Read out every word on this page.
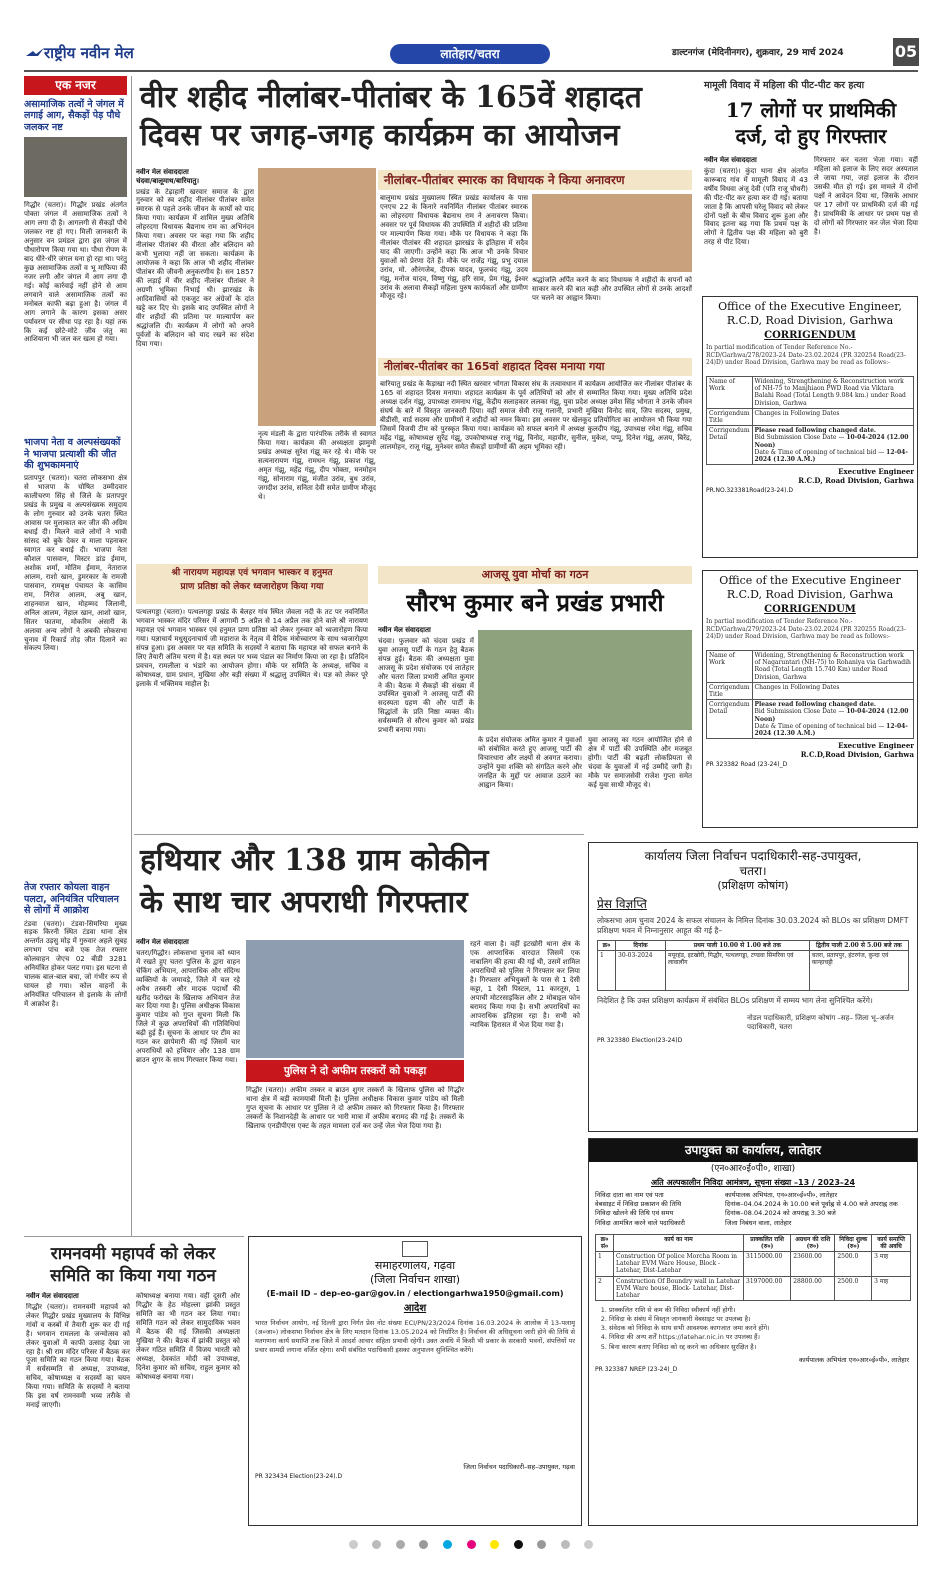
राष्ट्रीय नवीन मेल	लातेहार/चतरा	डाल्टनगंज (मेदिनीनगर), शुक्रवार, 29 मार्च 2024	05
एक नजर
असामाजिक तत्वों ने जंगल में लगाई आग, सैकड़ों पेड़ पौधे जलकर नष्ट
गिद्धौर (चतरा)। गिद्धौर प्रखंड अंतर्गत पोक्ता जंगल में असामाजिक तत्वों ने आग लगा दी है। आगलगी से सैकड़ों पौधे जलकर नष्ट हो गए। मिली जानकारी के अनुसार वन प्रमंडल द्वारा इस जंगल में पौधारोपण किया गया था। पौधा रोपण के बाद धीरे-धीरे जंगल घना हो रहा था। परंतु कुछ असामाजिक तत्वों व भू माफिया की नजर लगी और जंगल में आग लगा दी गई। कोई कार्रवाई नहीं होने से आम लगवाने वाले असामाजिक तत्वों का मनोबल काफी बढ़ा हुआ है। जंगल में आग लगाने के कारण इसका असर पर्यावरण पर सीधा पड़ रहा है। यहां तक कि कई छोटे-मोटे जीव जंतु का आशियाना भी जल कर खत्म हो गया।
भाजपा नेता व अल्पसंख्यकों ने भाजपा प्रत्याशी की जीत की शुभकामनाएं
प्रतापपुर (चतरा)। चतरा लोकसभा क्षेत्र से भाजपा के घोषित उम्मीदवार कालीचरण सिंह से जिले के प्रतापपुर प्रखंड के प्रमुख व अल्पसंख्यक समुदाय के लोग गुरुवार को उनके चतरा स्थित आवास पर मुलाकात कर जीत की अग्रिम बधाई दी। मिलने वाले लोगों ने भावी सांसद को बुके देकर व माला पहनाकर स्वागत कर बधाई दी। भाजपा नेता कौशल पासवान, मिस्टर डांड ईमाम, अशोक शर्मा, मोतिम ईमाम, नेताराज आलम, राशो खान, डुमरकार के रामजी पासवान, रामबृक्ष पंचायत के कासिम राम, निरोज आलम, अबु खान, शाहनवाज खान, मोहम्मद जिलानी, अनिल आलम, नेहाल खान, आशो खान, सितर फातमा, मोकरिम अंसारी के अलावा अन्य लोगों ने अबकी लोकसभा चुनाव में रिकार्ड तोड़ जीत दिलाने का संकल्प लिया।
तेज रफ्तार कोयला वाहन पलटा, अनियंत्रित परिचालन से लोगों में आक्रोश
टंडवा (चतरा)। टंडवा-सिमरिया मुख्य सड़क किरनी स्थित टंडवा थाना क्षेत्र अन्तर्गत उड़सु मोड़ में गुरुवार अहले सुबह लगभग पांच बजे एक तेज रफ्तार कोलवाहन जेएच 02 बीडी 3281 अनियंत्रित होकर पलट गया। इस घटना से चालक बाल-बाल बचा, जो गंभीर रूप से घायल हो गया। कोल वाहनों के अनियंत्रित परिचालन से इलाके के लोगों में आक्रोश है।
वीर शहीद नीलांबर-पीतांबर के 165वें शहादत
दिवस पर जगह-जगह कार्यक्रम का आयोजन
नवीन मेल संवाददाता
चंदवा/बालूमाथ/बारियातु।
प्रखंड के टेढ़ाहारी खरवार समाज के द्वारा गुरुवार को स्व शहीद नीलांबर पीतांबर समेत स्मारक से पहले उनके जीवन के कार्यों को याद किया गया। कार्यक्रम में शामिल मुख्य अतिथि लोहरदगा विधायक बैद्यनाथ राम का अभिनंदन किया गया। अवसर पर कहा गया कि शहीद नीलांबर पीतांबर की वीरता और बलिदान को कभी भुलाया नहीं जा सकता। कार्यक्रम के आयोजक ने कहा कि आज भी शहीद नीलांबर पीतांबर की जीवनी अनुकरणीय है। सन 1857 की लड़ाई में वीर शहीद नीलांबर पीतांबर ने अग्रणी भूमिका निभाई थी। झारखंड के आदिवासियों को एकजुट कर अंग्रेजों के दांत खट्टे कर दिए थे। इसके बाद उपस्थित लोगों ने वीर शहीदों की प्रतिमा पर माल्यार्पण कर श्रद्धांजलि दी। कार्यक्रम में लोगों को अपने पूर्वजों के बलिदान को याद रखने का संदेश दिया गया।
नृत्य मंडली के द्वारा पारंपरिक तरीके से स्वागत किया गया। कार्यक्रम की अध्यक्षता झामुमो प्रखंड अध्यक्ष सुरेश गंझू कर रहे थे। मौके पर सत्यनारायण गंझू, रामधन गंझू, प्रकाश गंझू, अमृत गंझू, महेंद्र गंझू, दीप भोक्ता, मनमोहन गंझू, सोनाराम गंझू, मंजीत उरांव, बुध उरांव, जगदीश उरांव, सनिता देवी समेत ग्रामीण मौजूद थे।
नीलांबर-पीतांबर स्मारक का विधायक ने किया अनावरण
बालूमाथ प्रखंड मुख्यालय स्थित प्रखंड कार्यालय के पास एनएच 22 के किनारे नवनिर्मित नीलांबर पीतांबर स्मारक का लोहरदगा विधायक बैद्यनाथ राम ने अनावरण किया। अवसर पर पूर्व विधायक की उपस्थिति में शहीदों की प्रतिमा पर माल्यार्पण किया गया। मौके पर विधायक ने कहा कि नीलांबर पीतांबर की शहादत झारखंड के इतिहास में सदैव याद की जाएगी। उन्होंने कहा कि आज भी उनके विचार युवाओं को प्रेरणा देते हैं। मौके पर राजेंद्र गंझू, प्रभु दयाल उरांव, मो. औरंगजेब, दीपक यादव, फूलचंद गंझू, उदय गंझू, मनोज यादव, विष्णु गंझू, हरि साव, प्रेम गंझू, ईश्वर उरांव के अलावा सैकड़ों महिला पुरुष कार्यकर्ता और ग्रामीण मौजूद रहे।
श्रद्धांजलि अर्पित करने के बाद विधायक ने शहीदों के सपनों को साकार करने की बात कही और उपस्थित लोगों से उनके आदर्शों पर चलने का आह्वान किया।
नीलांबर-पीतांबर का 165वां शहादत दिवस मनाया गया
बारियातु प्रखंड के कैड़ाखा नदी स्थित खरवार भोगता विकास संघ के तत्वावधान में कार्यक्रम आयोजित कर नीलांबर पीतांबर के 165 वां शहादत दिवस मनाया। शहादत कार्यक्रम के पूर्व अतिथियों को ओर से सम्मानित किया गया। मुख्य अतिथि प्रदेश अध्यक्ष दर्शन गंझू, उपाध्यक्ष रामनाथ गंझू, केंद्रीय सलाहकार ललका गंझू, युवा प्रदेश अध्यक्ष उमेश सिंह भोगता ने उनके जीवन संघर्ष के बारे में विस्तृत जानकारी दिया। वहीं समाज सेवी राजू गलानी, प्रभारी मुखिया विनोद साव, जिप सदस्य, प्रमुख, बीडीसी, वार्ड सदस्य और ग्रामीणों ने शहीदों को नमन किया। इस अवसर पर खेलकूद प्रतियोगिता का आयोजन भी किया गया जिसमें विजयी टीम को पुरस्कृत किया गया। कार्यक्रम को सफल बनाने में अध्यक्ष कुलदीप गंझू, उपाध्यक्ष रमेश गंझू, सचिव महेंद्र गंझू, कोषाध्यक्ष सुरेंद्र गंझू, उपकोषाध्यक्ष राजू गंझू, विनोद, महावीर, सुनील, मुकेश, पप्पू, दिनेश गंझू, अजय, बिरेंद्र, लालमोहन, राजू गंझू, मुनेश्वर समेत सैकड़ों ग्रामीणों की अहम भूमिका रही।
श्री नारायण महायज्ञ एवं भगवान भास्कर व हनुमत
प्राण प्रतिष्ठा को लेकर ध्वजारोहण किया गया
पत्थलगड्डा (चतरा)। पत्थलगड्डा प्रखंड के बेलहर गांव स्थित जेवला नदी के तट पर नवनिर्मित भगवान भास्कर मंदिर परिसर में आगामी 5 अप्रैल से 14 अप्रैल तक होने वाले श्री नारायण महायज्ञ एवं भगवान भास्कर एवं हनुमत प्राण प्रतिष्ठा को लेकर गुरुवार को ध्वजारोहण किया गया। यज्ञाचार्य मधुसूदनाचार्य जी महाराज के नेतृत्व में वैदिक मंत्रोच्चारण के साथ ध्वजारोहण संपन्न हुआ। इस अवसर पर यज्ञ समिति के सदस्यों ने बताया कि महायज्ञ को सफल बनाने के लिए तैयारी अंतिम चरण में है। यज्ञ स्थल पर भव्य पंडाल का निर्माण किया जा रहा है। प्रतिदिन प्रवचन, रामलीला व भंडारे का आयोजन होगा। मौके पर समिति के अध्यक्ष, सचिव व कोषाध्यक्ष, ग्राम प्रधान, मुखिया और बड़ी संख्या में श्रद्धालु उपस्थित थे। यज्ञ को लेकर पूरे इलाके में भक्तिमय माहौल है।
आजसू युवा मोर्चा का गठन
सौरभ कुमार बने प्रखंड प्रभारी
नवीन मेल संवाददाता
चंदवा। फुलवार को चंदवा प्रखंड में युवा आजसू पार्टी के गठन हेतु बैठक संपन्न हुई। बैठक की अध्यक्षता युवा आजसू के प्रदेश संयोजक एवं लातेहार और चतरा जिला प्रभारी अमित कुमार ने की। बैठक में सैकड़ों की संख्या में उपस्थित युवाओं ने आजसू पार्टी की सदस्यता ग्रहण की और पार्टी के सिद्धांतों के प्रति निष्ठा व्यक्त की। सर्वसम्मति से सौरभ कुमार को प्रखंड प्रभारी बनाया गया।
के प्रदेश संयोजक अमित कुमार ने युवाओं को संबोधित करते हुए आजसू पार्टी की विचारधारा और लक्ष्यों से अवगत कराया। उन्होंने युवा शक्ति को संगठित करने और जनहित के मुद्दों पर आवाज उठाने का आह्वान किया।
युवा आजसू का गठन आयोजित होने से क्षेत्र में पार्टी की उपस्थिति और मजबूत होगी। पार्टी की बढ़ती लोकप्रियता से चंदवा के युवाओं में नई उम्मीदें जगी हैं। मौके पर समाजसेवी राजेश गुप्ता समेत कई युवा साथी मौजूद थे।
मामूली विवाद में महिला की पीट-पीट कर हत्या
17 लोगों पर प्राथमिकी
दर्ज, दो हुए गिरफ्तार
नवीन मेल संवाददाता
कुंदा (चतरा)। कुंदा थाना क्षेत्र अंतर्गत कारूबाद गांव में मामूली विवाद में 43 वर्षीय विधवा अंजू देवी (पति राजू चौधरी) की पीट-पीट कर हत्या कर दी गई। बताया जाता है कि आपसी घरेलू विवाद को लेकर दोनों पक्षों के बीच विवाद शुरू हुआ और विवाद इतना बढ़ गया कि प्रथम पक्ष के लोगों ने द्वितीय पक्ष की महिला को बुरी तरह से पीट दिया।
गिरफ्तार कर चतरा भेजा गया। वहीं महिला को इलाज के लिए सदर अस्पताल ले जाया गया, जहां इलाज के दौरान उसकी मौत हो गई। इस मामले में दोनों पक्षों ने आवेदन दिया था, जिसके आधार पर 17 लोगों पर प्राथमिकी दर्ज की गई है। प्राथमिकी के आधार पर प्रथम पक्ष से दो लोगों को गिरफ्तार कर जेल भेजा दिया है।
Office of the Executive Engineer,
R.C.D, Road Division, Garhwa
CORRIGENDUM
In partial modification of Tender Reference No.- RCD/Garhwa/278/2023-24 Date-23.02.2024 (PR 320254 Road(23-24)D) under Road Division, Garhwa may be read as follows:-
Name of Work	Widening, Strengthening & Reconstruction work of NH-75 to Manjhiaon PWD Road via Viktara Balahi Road (Total Length 9.084 km.) under Road Division, Garhwa
Corrigendum Title	Changes in Following Dates
Corrigendum Detail	Please read following changed date.
Bid Submission Close Date — 10-04-2024 (12.00 Noon)
Date & Time of opening of technical bid — 12-04-2024 (12.30 A.M.)
Executive Engineer
R.C.D, Road Division, Garhwa
PR.NO.323381Road(23-24).D
Office of the Executive Engineer
R.C.D, Road Division, Garhwa
CORRIGENDUM
In partial modification of Tender Reference No.- RCD/Garhwa/279/2023-24 Date-23.02.2024 (PR 320255 Road(23-24)D) under Road Division, Garhwa may be read as follows:-
Name of Work	Widening, Strengthening & Reconstruction work of Nagaruntari (NH-75) to Rohaniya via Garhwadih Road (Total Length 15.740 Km) under Road Division, Garhwa
Corrigendum Title	Changes in Following Dates
Corrigendum Detail	Please read following changed date.
Bid Submission Close Date — 10-04-2024 (12.00 Noon)
Date & Time of opening of technical bid — 12-04-2024 (12.30 A.M.)
Executive Engineer
R.C.D,Road Division, Garhwa
PR 323382 Road (23-24)_D
हथियार और 138 ग्राम कोकीन
के साथ चार अपराधी गिरफ्तार
नवीन मेल संवाददाता
चतरा/गिद्धौर। लोकसभा चुनाव को ध्यान में रखते हुए चतरा पुलिस के द्वारा वाहन चेकिंग अभियान, आपराधिक और संदिग्ध व्यक्तियों के जमावड़े, जिले में चल रहे अवैध तस्करी और मादक पदार्थों की खरीद फरोख्त के खिलाफ अभियान तेज कर दिया गया है। पुलिस अधीक्षक विकास कुमार पांडेय को गुप्त सूचना मिली कि जिले में कुछ अपराधियों की गतिविधियां बढ़ी हुई हैं। सूचना के आधार पर टीम का गठन कर छापेमारी की गई जिसमें चार अपराधियों को हथियार और 138 ग्राम ब्राउन शुगर के साथ गिरफ्तार किया गया।
पुलिस ने दो अफीम तस्करों को पकड़ा
गिद्धौर (चतरा)। अफीम तस्कर व ब्राउन शुगर तस्करों के खिलाफ पुलिस को गिद्धौर थाना क्षेत्र में बड़ी कामयाबी मिली है। पुलिस अधीक्षक विकास कुमार पांडेय को मिली गुप्त सूचना के आधार पर पुलिस ने दो अफीम तस्कर को गिरफ्तार किया है। गिरफ्तार तस्करों के निशानदेही के आधार पर भारी मात्रा में अफीम बरामद की गई है। तस्करों के खिलाफ एनडीपीएस एक्ट के तहत मामला दर्ज कर उन्हें जेल भेज दिया गया है।
रहने वाला है। वहीं इटखोरी थाना क्षेत्र के एक आपराधिक वारदात जिसमें एक नाबालिग की हत्या की गई थी, उसमें शामिल अपराधियों को पुलिस ने गिरफ्तार कर लिया है। गिरफ्तार अभियुक्तों के पास से 1 देसी कट्टा, 1 देसी पिस्टल, 11 कारतूस, 1 अपाची मोटरसाइकिल और 2 मोबाइल फोन बरामद किया गया है। सभी अपराधियों का आपराधिक इतिहास रहा है। सभी को न्यायिक हिरासत में भेज दिया गया है।
कार्यालय जिला निर्वाचन पदाधिकारी-सह-उपायुक्त,
चतरा।
(प्रशिक्षण कोषांग)
प्रेस विज्ञप्ति
लोकसभा आम चुनाव 2024 के सफल संचालन के निमित्त दिनांक 30.03.2024 को BLOs का प्रशिक्षण DMFT प्रशिक्षण भवन में निम्नानुसार आहूत की गई है–
क्र०	दिनांक	प्रथम पाली 10.00 से 1.00 बजे तक	द्वितीय पाली 2.00 से 5.00 बजे तक
1	30-03-2024	मयूरहंड, इटखोरी, गिद्धौर, पत्थलगड्डा, टण्डवा सिमरिया एवं लावालौंग	चतरा, प्रतापपुर, हंटरगंज, कुन्दा एवं कान्हाचट्टी
निदेशित है कि उक्त प्रशिक्षण कार्यक्रम में संबंधित BLOs प्रशिक्षण में सम्मय भाग लेना सुनिश्चित करेंगे।
नोडल पदाधिकारी, प्रशिक्षण कोषांग –सह– जिला भू–अर्जन पदाधिकारी, चतरा
PR 323380 Election(23-24)D
रामनवमी महापर्व को लेकर
समिति का किया गया गठन
नवीन मेल संवाददाता
गिद्धौर (चतरा)। रामनवमी महापर्व को लेकर गिद्धौर प्रखंड मुख्यालय के विभिन्न गांवों व कस्बों में तैयारी शुरू कर दी गई है। भगवान रामलला के जन्मोत्सव को लेकर युवाओं में काफी उत्साह देखा जा रहा है। श्री राम मंदिर परिसर में बैठक कर पूजा समिति का गठन किया गया। बैठक में सर्वसम्मति से अध्यक्ष, उपाध्यक्ष, सचिव, कोषाध्यक्ष व सदस्यों का चयन किया गया। समिति के सदस्यों ने बताया कि इस वर्ष रामनवमी भव्य तरीके से मनाई जाएगी।
कोषाध्यक्ष बनाया गया। वहीं दूसरी ओर गिद्धौर के हेठ मोहल्ला झांकी प्रस्तुत समिति का भी गठन कर लिया गया। समिति गठन को लेकर सामुदायिक भवन में बैठक की गई जिसकी अध्यक्षता मुखिया ने की। बैठक में झांकी प्रस्तुत को लेकर गठित समिति में विजय भारती को अध्यक्ष, देवकांत मोदी को उपाध्यक्ष, दिनेश कुमार को सचिव, राहुल कुमार को कोषाध्यक्ष बनाया गया।
समाहरणालय, गढ़वा
(जिला निर्वाचन शाखा)
(E-mail ID – dep-eo-gar@gov.in / electiongarhwa1950@gmail.com)
आदेश
भारत निर्वाचन आयोग, नई दिल्ली द्वारा निर्गत प्रेस नोट संख्या ECI/PN/23/2024 दिनांक 16.03.2024 के आलोक में 13-पलामू (अ०जा०) लोकसभा निर्वाचन क्षेत्र के लिए मतदान दिनांक 13.05.2024 को निर्धारित है। निर्वाचन की अधिसूचना जारी होने की तिथि से मतगणना कार्य समाप्ति तक जिले में आदर्श आचार संहिता प्रभावी रहेगी। उक्त अवधि में किसी भी प्रकार के सरकारी भवनों, संपत्तियों पर प्रचार सामग्री लगाना वर्जित रहेगा। सभी संबंधित पदाधिकारी इसका अनुपालन सुनिश्चित करेंगे।
जिला निर्वाचन पदाधिकारी–सह–उपायुक्त, गढ़वा
PR 323434 Election(23-24).D
उपायुक्त का कार्यालय, लातेहार
(एन०आर०ई०पी०, शाखा)
अति अल्पकालीन निविदा आमंत्रण, सूचना संख्या –13 / 2023–24
निविदा दाता का नाम एवं पता	कार्यपालक अभियंता, एन०आर०ई०पी०, लातेहार
वेबसाइट में निविदा प्रकाशन की तिथि	दिनांक–04.04.2024 के 10.00 बजे पूर्वाह्न से 4.00 बजे अपराह्न तक
निविदा खोलने की तिथि एवं समय	दिनांक–08.04.2024 को अपराह्न 3.30 बजे
निविदा आमंत्रित करने वाले पदाधिकारी	जिला निबंधन वाला, लातेहार
क्र० सं०	कार्य का नाम	प्राक्कलित राशि (रु०)	अग्रधन की राशि (रु०)	निविदा शुल्क (रु०)	कार्य समाप्ति की अवधि
1	Construction Of police Morcha Room in Latehar EVM Ware House, Block - Latehar, Dist-Latehar	3115000.00	23600.00	2500.0	3 माह
2	Construction Of Boundry wall in Latehar EVM Ware house, Block- Latehar, Dist-Latehar	3197000.00	28800.00	2500.0	3 माह
1. प्राक्कलित राशि से कम की निविदा स्वीकार्य नहीं होगी।
2. निविदा के संबंध में विस्तृत जानकारी वेबसाइट पर उपलब्ध है।
3. संवेदक को निविदा के साथ सभी आवश्यक कागजात जमा करने होंगे।
4. निविदा की अन्य शर्तें https://latehar.nic.in पर उपलब्ध हैं।
5. बिना कारण बताए निविदा को रद्द करने का अधिकार सुरक्षित है।
कार्यपालक अभियंता एन०आर०ई०पी०, लातेहार
PR 323387 NREP (23-24)_D
